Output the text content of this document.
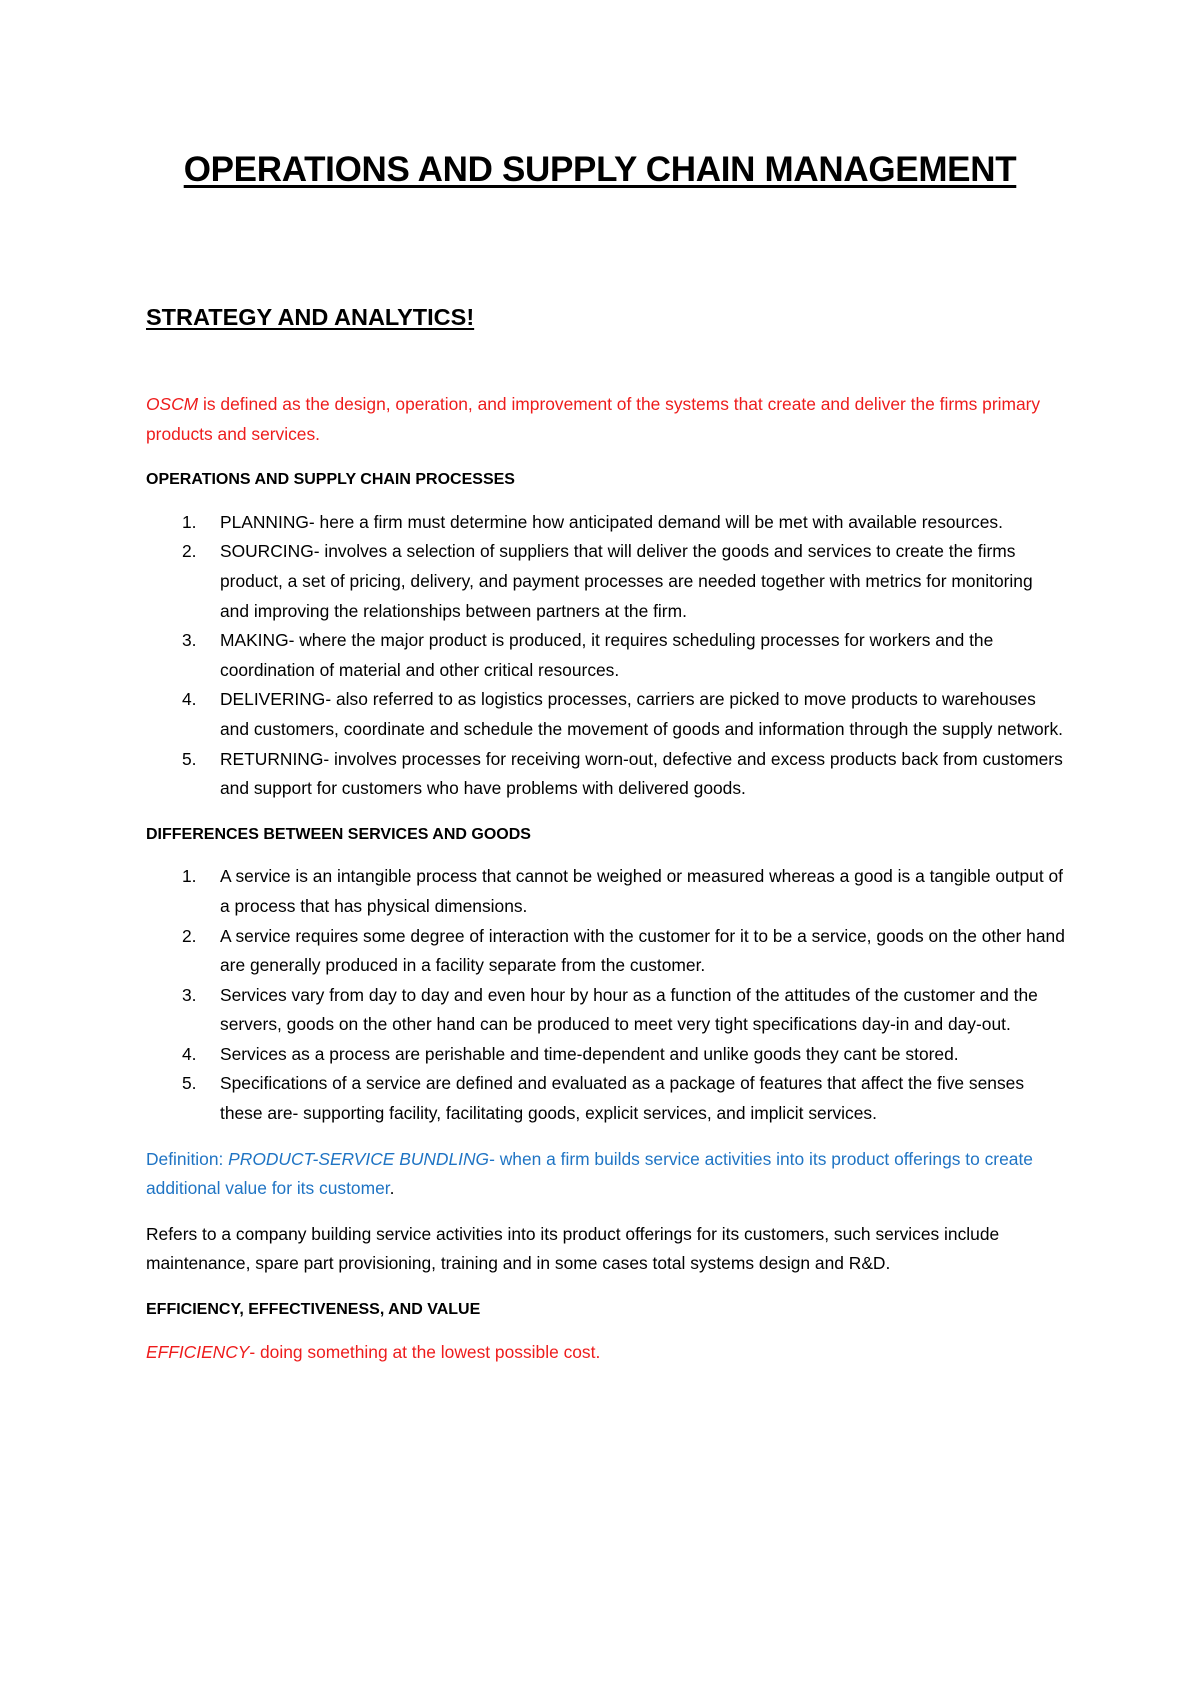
OPERATIONS AND SUPPLY CHAIN MANAGEMENT
STRATEGY AND ANALYTICS!

OSCM is defined as the design, operation, and improvement of the systems that create and deliver the firms primary products and services.

OPERATIONS AND SUPPLY CHAIN PROCESSES

1. PLANNING- here a firm must determine how anticipated demand will be met with available resources.
2. SOURCING- involves a selection of suppliers that will deliver the goods and services to create the firms product, a set of pricing, delivery, and payment processes are needed together with metrics for monitoring and improving the relationships between partners at the firm.
3. MAKING- where the major product is produced, it requires scheduling processes for workers and the coordination of material and other critical resources.
4. DELIVERING- also referred to as logistics processes, carriers are picked to move products to warehouses and customers, coordinate and schedule the movement of goods and information through the supply network.
5. RETURNING- involves processes for receiving worn-out, defective and excess products back from customers and support for customers who have problems with delivered goods.

DIFFERENCES BETWEEN SERVICES AND GOODS

1. A service is an intangible process that cannot be weighed or measured whereas a good is a tangible output of a process that has physical dimensions.
2. A service requires some degree of interaction with the customer for it to be a service, goods on the other hand are generally produced in a facility separate from the customer.
3. Services vary from day to day and even hour by hour as a function of the attitudes of the customer and the servers, goods on the other hand can be produced to meet very tight specifications day-in and day-out.
4. Services as a process are perishable and time-dependent and unlike goods they cant be stored.
5. Specifications of a service are defined and evaluated as a package of features that affect the five senses these are- supporting facility, facilitating goods, explicit services, and implicit services.

Definition: PRODUCT-SERVICE BUNDLING- when a firm builds service activities into its product offerings to create additional value for its customer.

Refers to a company building service activities into its product offerings for its customers, such services include maintenance, spare part provisioning, training and in some cases total systems design and R&D.

EFFICIENCY, EFFECTIVENESS, AND VALUE

EFFICIENCY- doing something at the lowest possible cost.
